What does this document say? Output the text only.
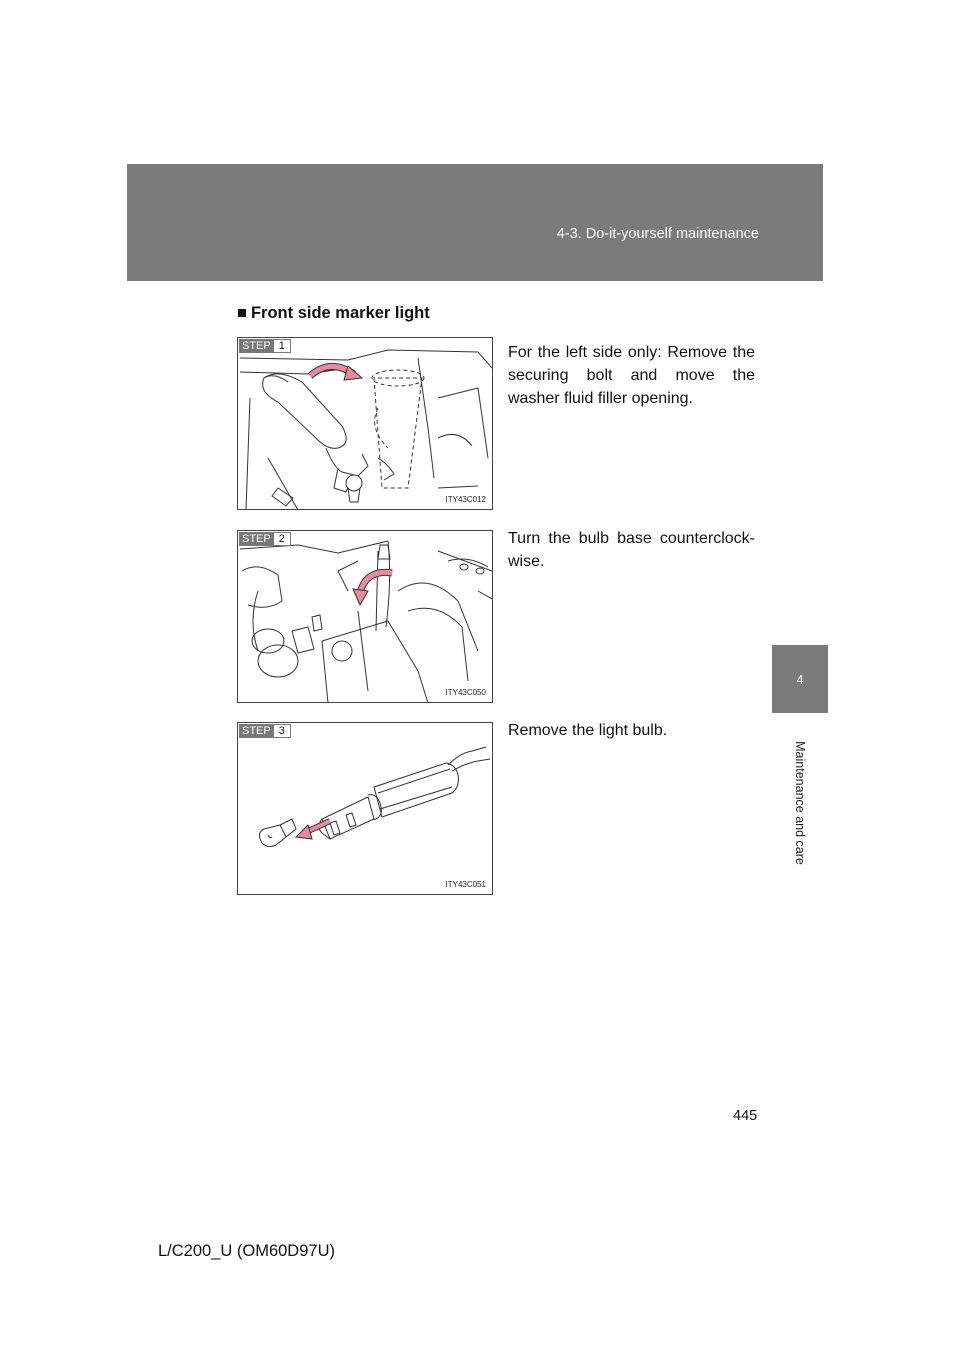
4-3. Do-it-yourself maintenance
4
Maintenance and care
■ Front side marker light
STEP 1
ITY43C012
For the left side only: Remove the securing bolt and move the washer fluid filler opening.
STEP 2
ITY43C050
Turn the bulb base counterclock-wise.
STEP 3
ITY43C051
Remove the light bulb.
445
L/C200_U (OM60D97U)
